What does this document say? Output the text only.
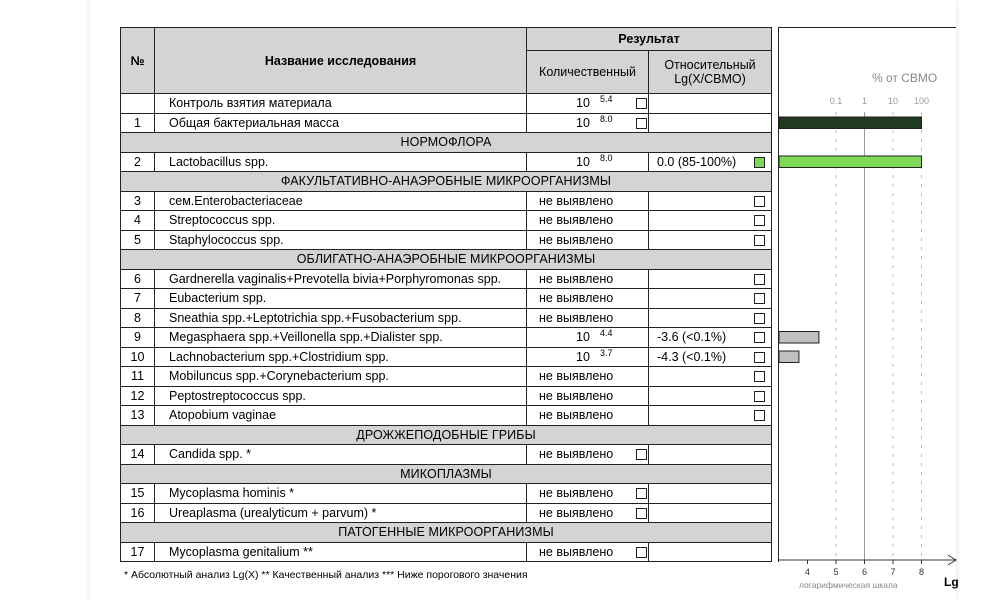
№	Название исследования	Результат	
		Количественный	Относительный
Lg(X/СВМО)
	Контроль взятия материала	10 5.4	

1	Общая бактериальная масса	10 8.0	

НОРМОФЛОРА			
2	Lactobacillus spp.	10 8.0	0.0 (85-100%)

ФАКУЛЬТАТИВНО-АНАЭРОБНЫЕ МИКРООРГАНИЗМЫ			
3	сем.Enterobacteriaceae	не выявлено	

4	Streptococcus spp.	не выявлено	

5	Staphylococcus spp.	не выявлено	

ОБЛИГАТНО-АНАЭРОБНЫЕ МИКРООРГАНИЗМЫ			
6	Gardnerella vaginalis+Prevotella bivia+Porphyromonas spp.	не выявлено	

7	Eubacterium spp.	не выявлено	

8	Sneathia spp.+Leptotrichia spp.+Fusobacterium spp.	не выявлено	

9	Megasphaera spp.+Veillonella spp.+Dialister spp.	10 4.4	-3.6 (<0.1%)

10	Lachnobacterium spp.+Clostridium spp.	10 3.7	-4.3 (<0.1%)

11	Mobiluncus spp.+Corynebacterium spp.	не выявлено	

12	Peptostreptococcus spp.	не выявлено	

13	Atopobium vaginae	не выявлено	

ДРОЖЖЕПОДОБНЫЕ ГРИБЫ			
14	Candida spp. *	не выявлено	

МИКОПЛАЗМЫ			
15	Mycoplasma hominis *	не выявлено	

16	Ureaplasma (urealyticum + parvum) *	не выявлено	

ПАТОГЕННЫЕ МИКРООРГАНИЗМЫ			
17	Mycoplasma genitalium **	не выявлено	

% от СВМО
4	5	6	7	8
0.1 1 10 100
логарифмическая шкала	Lg
* Абсолютный анализ Lg(X) ** Качественный анализ *** Ниже порогового значения
